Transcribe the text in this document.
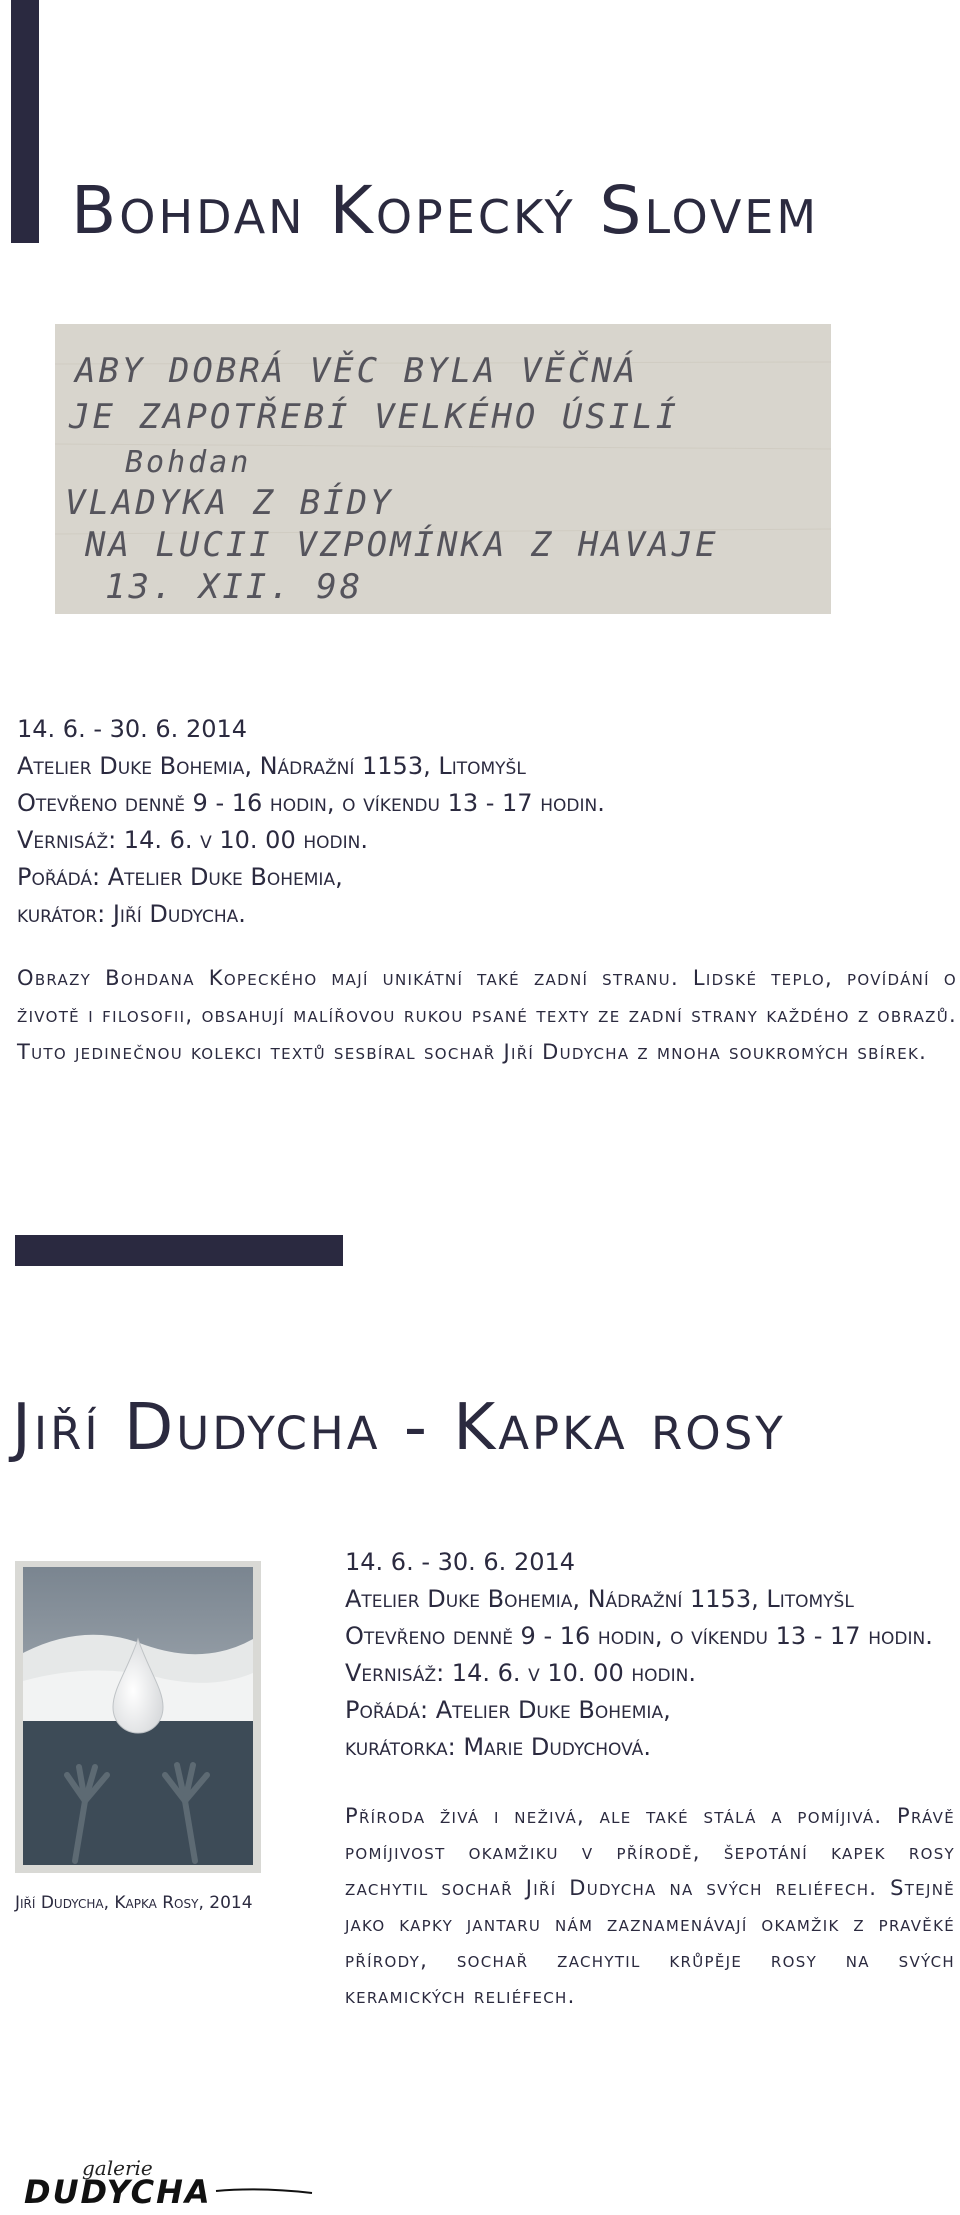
Bohdan Kopecký Slovem
ABY DOBRÁ VĚC BYLA VĚČNÁ
JE ZAPOTŘEBÍ VELKÉHO ÚSILÍ
Bohdan
VLADYKA Z BÍDY
NA LUCII VZPOMÍNKA Z HAVAJE
13. XII. 98
14. 6. - 30. 6. 2014
Atelier Duke Bohemia, Nádražní 1153, Litomyšl
Otevřeno denně 9 - 16 hodin, o víkendu 13 - 17 hodin.
Vernisáž: 14. 6. v 10. 00 hodin.
Pořádá: Atelier Duke Bohemia,
kurátor: Jiří Dudycha.
Obrazy Bohdana Kopeckého mají unikátní také zadní stranu. Lidské teplo, povídání o životě i filosofii, obsahují malířovou rukou psané texty ze zadní strany každého z obrazů. Tuto jedinečnou kolekci textů sesbíral sochař Jiří Dudycha z mnoha soukromých sbírek.
Jiří Dudycha - Kapka rosy
Jiří Dudycha, Kapka Rosy, 2014
14. 6. - 30. 6. 2014
Atelier Duke Bohemia, Nádražní 1153, Litomyšl
Otevřeno denně 9 - 16 hodin, o víkendu 13 - 17 hodin.
Vernisáž: 14. 6. v 10. 00 hodin.
Pořádá: Atelier Duke Bohemia,
kurátorka: Marie Dudychová.
Příroda živá i neživá, ale také stálá a pomíjivá. Právě pomíjivost okamžiku v přírodě, šepotání kapek rosy zachytil sochař Jiří Dudycha na svých reliéfech. Stejně jako kapky jantaru nám zaznamenávají okamžik z pravěké přírody, sochař zachytil krůpěje rosy na svých keramických reliéfech.
galerie
DUDYCHA
